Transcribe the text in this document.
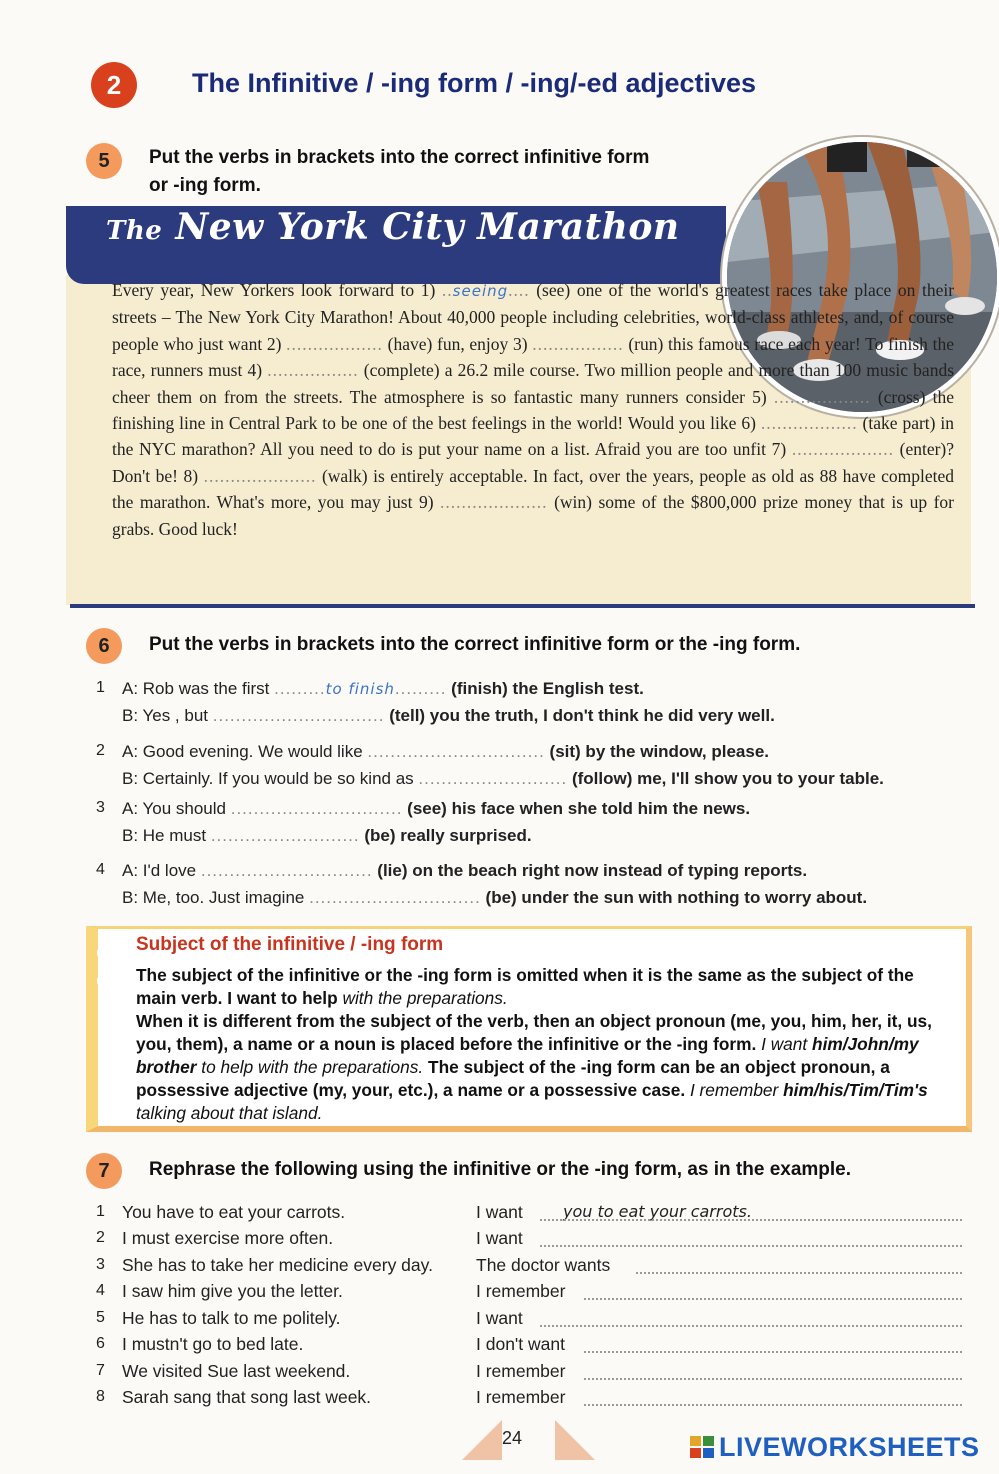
2	The Infinitive / -ing form / -ing/-ed adjectives
5 Put the verbs in brackets into the correct infinitive form
or -ing form.
The New York City Marathon
Every year, New Yorkers look forward to 1) ..seeing.... (see) one of the world's greatest races take place on their streets – The New York City Marathon! About 40,000 people including celebrities, world-class athletes, and, of course people who just want 2) .................. (have) fun, enjoy 3) ................. (run) this famous race each year! To finish the race, runners must 4) ................. (complete) a 26.2 mile course. Two million people and more than 100 music bands cheer them on from the streets. The atmosphere is so fantastic many runners consider 5) .................. (cross) the finishing line in Central Park to be one of the best feelings in the world! Would you like 6) .................. (take part) in the NYC marathon? All you need to do is put your name on a list. Afraid you are too unfit 7) ................... (enter)? Don't be! 8) ..................... (walk) is entirely acceptable. In fact, over the years, people as old as 88 have completed the marathon. What's more, you may just 9) .................... (win) some of the $800,000 prize money that is up for grabs. Good luck!
6 Put the verbs in brackets into the correct infinitive form or the -ing form.
1 A: Rob was the first .........to finish......... (finish) the English test.
B: Yes , but .............................. (tell) you the truth, I don't think he did very well.
2 A: Good evening. We would like ............................... (sit) by the window, please.
B: Certainly. If you would be so kind as .......................... (follow) me, I'll show you to your table.
3 A: You should .............................. (see) his face when she told him the news.
B: He must .......................... (be) really surprised.
4 A: I'd love .............................. (lie) on the beach right now instead of typing reports.
B: Me, too. Just imagine .............................. (be) under the sun with nothing to worry about.
Subject of the infinitive / -ing form
The subject of the infinitive or the -ing form is omitted when it is the same as the subject of the main verb. I want to help with the preparations.
When it is different from the subject of the verb, then an object pronoun (me, you, him, her, it, us, you, them), a name or a noun is placed before the infinitive or the -ing form. I want him/John/my brother to help with the preparations. The subject of the -ing form can be an object pronoun, a possessive adjective (my, your, etc.), a name or a possessive case. I remember him/his/Tim/Tim's talking about that island.
7 Rephrase the following using the infinitive or the -ing form, as in the example.
1 You have to eat your carrots.	I want	you to eat your carrots.
2 I must exercise more often.	I want
3 She has to take her medicine every day. The doctor wants
4 I saw him give you the letter.	I remember
5 He has to talk to me politely.	I want
6 I mustn't go to bed late.	I don't want
7 We visited Sue last weekend.	I remember
8 Sarah sang that song last week.	I remember
24	LIVEWORKSHEETS
